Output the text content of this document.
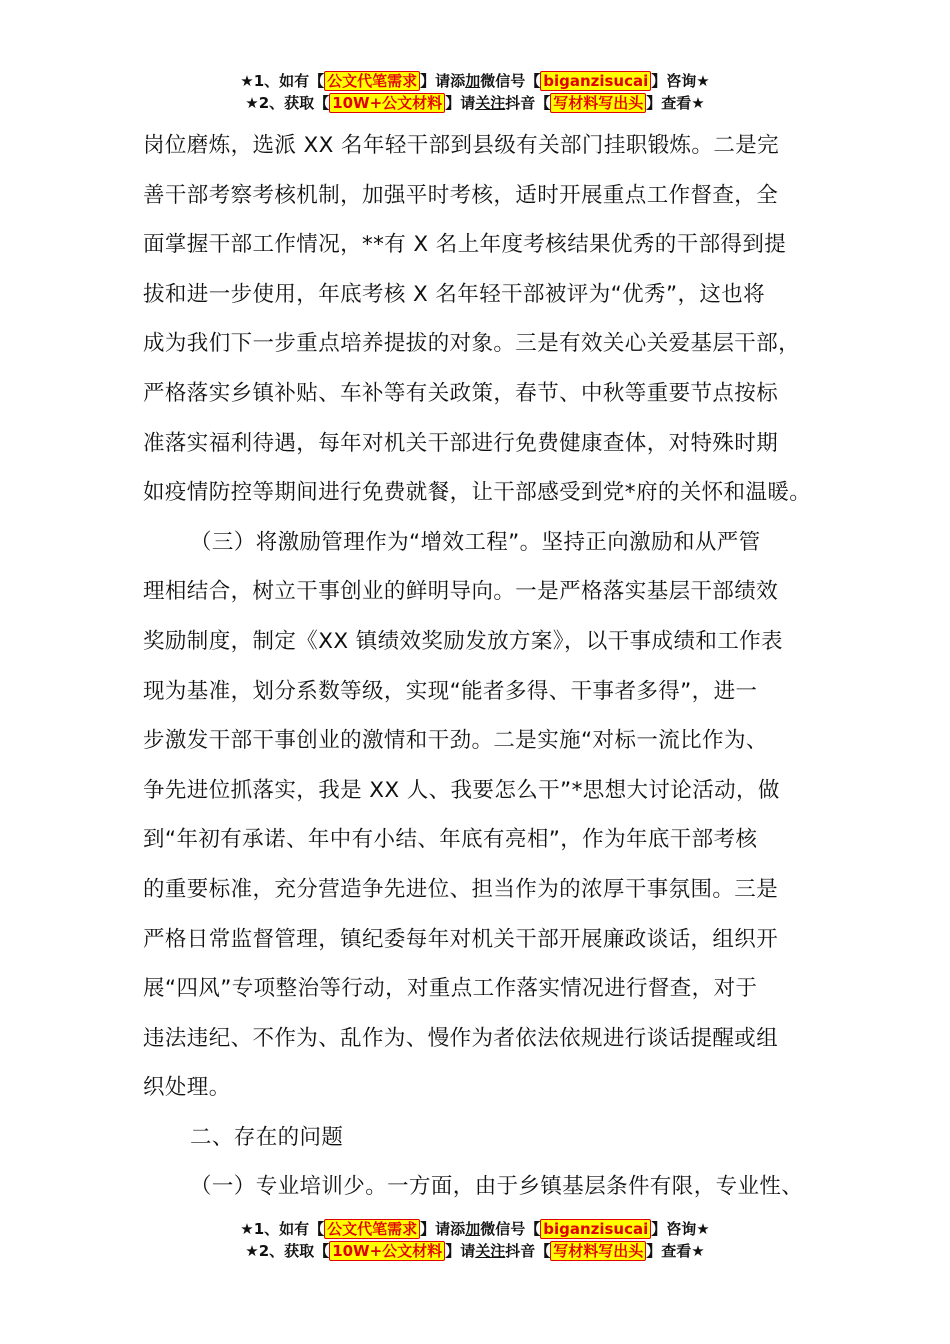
★1、如有【 公文代笔需求 】请添加微信号【 biganzisucai 】咨询★
★2、获取【 10W+公文材料 】请关注抖音【 写材料写出头 】查看★
岗位磨炼，选派 XX 名年轻干部到县级有关部门挂职锻炼。二是完
善干部考察考核机制，加强平时考核，适时开展重点工作督查，全
面掌握干部工作情况，**有 X 名上年度考核结果优秀的干部得到提
拔和进一步使用，年底考核 X 名年轻干部被评为“优秀”，这也将
成为我们下一步重点培养提拔的对象。三是有效关心关爱基层干部，
严格落实乡镇补贴、车补等有关政策，春节、中秋等重要节点按标
准落实福利待遇，每年对机关干部进行免费健康查体，对特殊时期
如疫情防控等期间进行免费就餐，让干部感受到党*府的关怀和温暖。
（三）将激励管理作为“增效工程”。坚持正向激励和从严管
理相结合，树立干事创业的鲜明导向。一是严格落实基层干部绩效
奖励制度，制定《XX 镇绩效奖励发放方案》，以干事成绩和工作表
现为基准，划分系数等级，实现“能者多得、干事者多得”，进一
步激发干部干事创业的激情和干劲。二是实施“对标一流比作为、
争先进位抓落实，我是 XX 人、我要怎么干”*思想大讨论活动，做
到“年初有承诺、年中有小结、年底有亮相”，作为年底干部考核
的重要标准，充分营造争先进位、担当作为的浓厚干事氛围。三是
严格日常监督管理，镇纪委每年对机关干部开展廉政谈话，组织开
展“四风”专项整治等行动，对重点工作落实情况进行督查，对于
违法违纪、不作为、乱作为、慢作为者依法依规进行谈话提醒或组
织处理。
二、存在的问题
（一）专业培训少。一方面，由于乡镇基层条件有限，专业性、
★1、如有【 公文代笔需求 】请添加微信号【 biganzisucai 】咨询★
★2、获取【 10W+公文材料 】请关注抖音【 写材料写出头 】查看★
